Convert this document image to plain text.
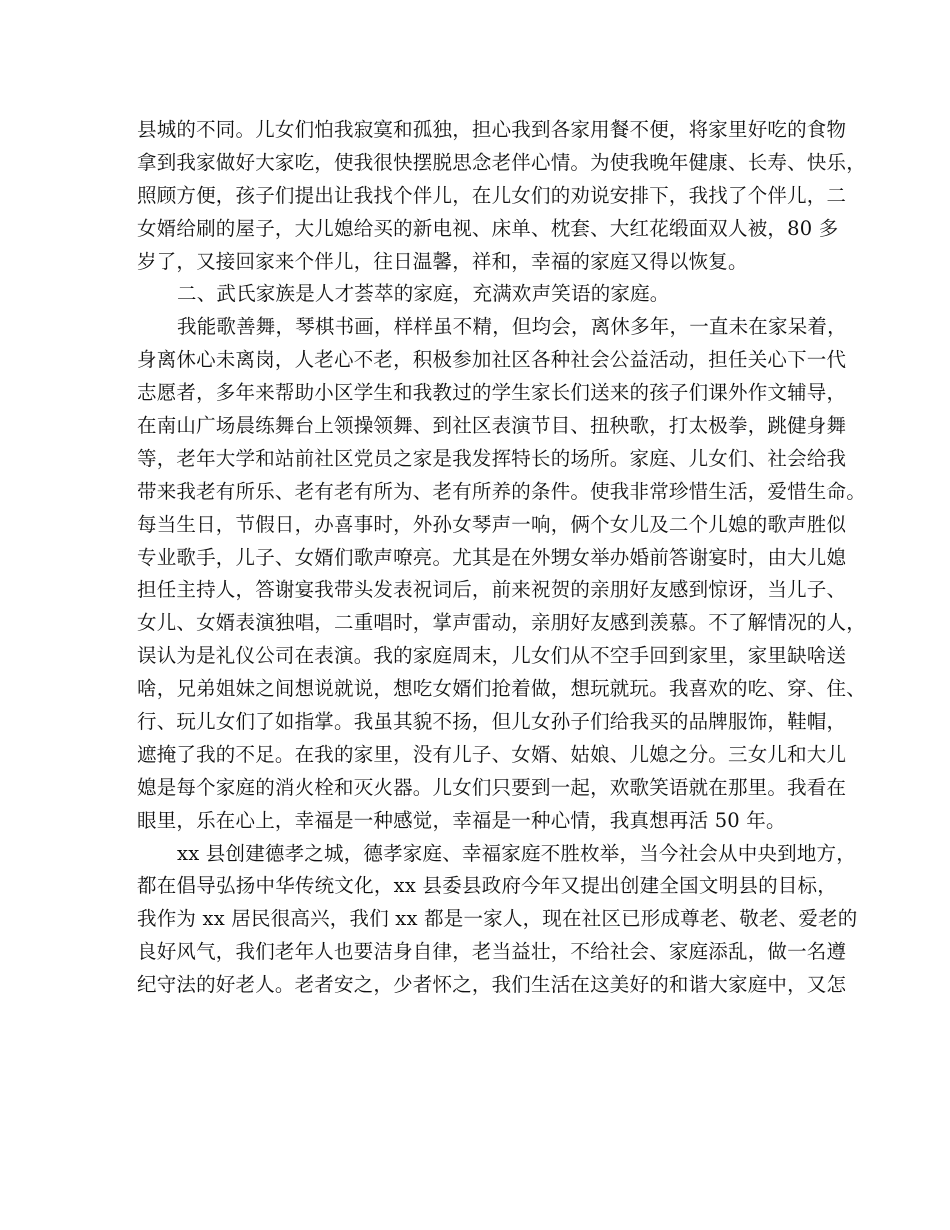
县城的不同。儿女们怕我寂寞和孤独，担心我到各家用餐不便，将家里好吃的食物
拿到我家做好大家吃，使我很快摆脱思念老伴心情。为使我晚年健康、长寿、快乐，
照顾方便，孩子们提出让我找个伴儿，在儿女们的劝说安排下，我找了个伴儿，二
女婿给刷的屋子，大儿媳给买的新电视、床单、枕套、大红花缎面双人被，80 多
岁了，又接回家来个伴儿，往日温馨，祥和，幸福的家庭又得以恢复。
二、武氏家族是人才荟萃的家庭，充满欢声笑语的家庭。
我能歌善舞，琴棋书画，样样虽不精，但均会，离休多年，一直未在家呆着，
身离休心未离岗，人老心不老，积极参加社区各种社会公益活动，担任关心下一代
志愿者，多年来帮助小区学生和我教过的学生家长们送来的孩子们课外作文辅导，
在南山广场晨练舞台上领操领舞、到社区表演节目、扭秧歌，打太极拳，跳健身舞
等，老年大学和站前社区党员之家是我发挥特长的场所。家庭、儿女们、社会给我
带来我老有所乐、老有老有所为、老有所养的条件。使我非常珍惜生活，爱惜生命。
每当生日，节假日，办喜事时，外孙女琴声一响，俩个女儿及二个儿媳的歌声胜似
专业歌手，儿子、女婿们歌声嘹亮。尤其是在外甥女举办婚前答谢宴时，由大儿媳
担任主持人，答谢宴我带头发表祝词后，前来祝贺的亲朋好友感到惊讶，当儿子、
女儿、女婿表演独唱，二重唱时，掌声雷动，亲朋好友感到羡慕。不了解情况的人，
误认为是礼仪公司在表演。我的家庭周末，儿女们从不空手回到家里，家里缺啥送
啥，兄弟姐妹之间想说就说，想吃女婿们抢着做，想玩就玩。我喜欢的吃、穿、住、
行、玩儿女们了如指掌。我虽其貌不扬，但儿女孙子们给我买的品牌服饰，鞋帽，
遮掩了我的不足。在我的家里，没有儿子、女婿、姑娘、儿媳之分。三女儿和大儿
媳是每个家庭的消火栓和灭火器。儿女们只要到一起，欢歌笑语就在那里。我看在
眼里，乐在心上，幸福是一种感觉，幸福是一种心情，我真想再活 50 年。
xx 县创建德孝之城，德孝家庭、幸福家庭不胜枚举，当今社会从中央到地方，
都在倡导弘扬中华传统文化，xx 县委县政府今年又提出创建全国文明县的目标，
我作为 xx 居民很高兴，我们 xx 都是一家人，现在社区已形成尊老、敬老、爱老的
良好风气，我们老年人也要洁身自律，老当益壮，不给社会、家庭添乱，做一名遵
纪守法的好老人。老者安之，少者怀之，我们生活在这美好的和谐大家庭中，又怎
